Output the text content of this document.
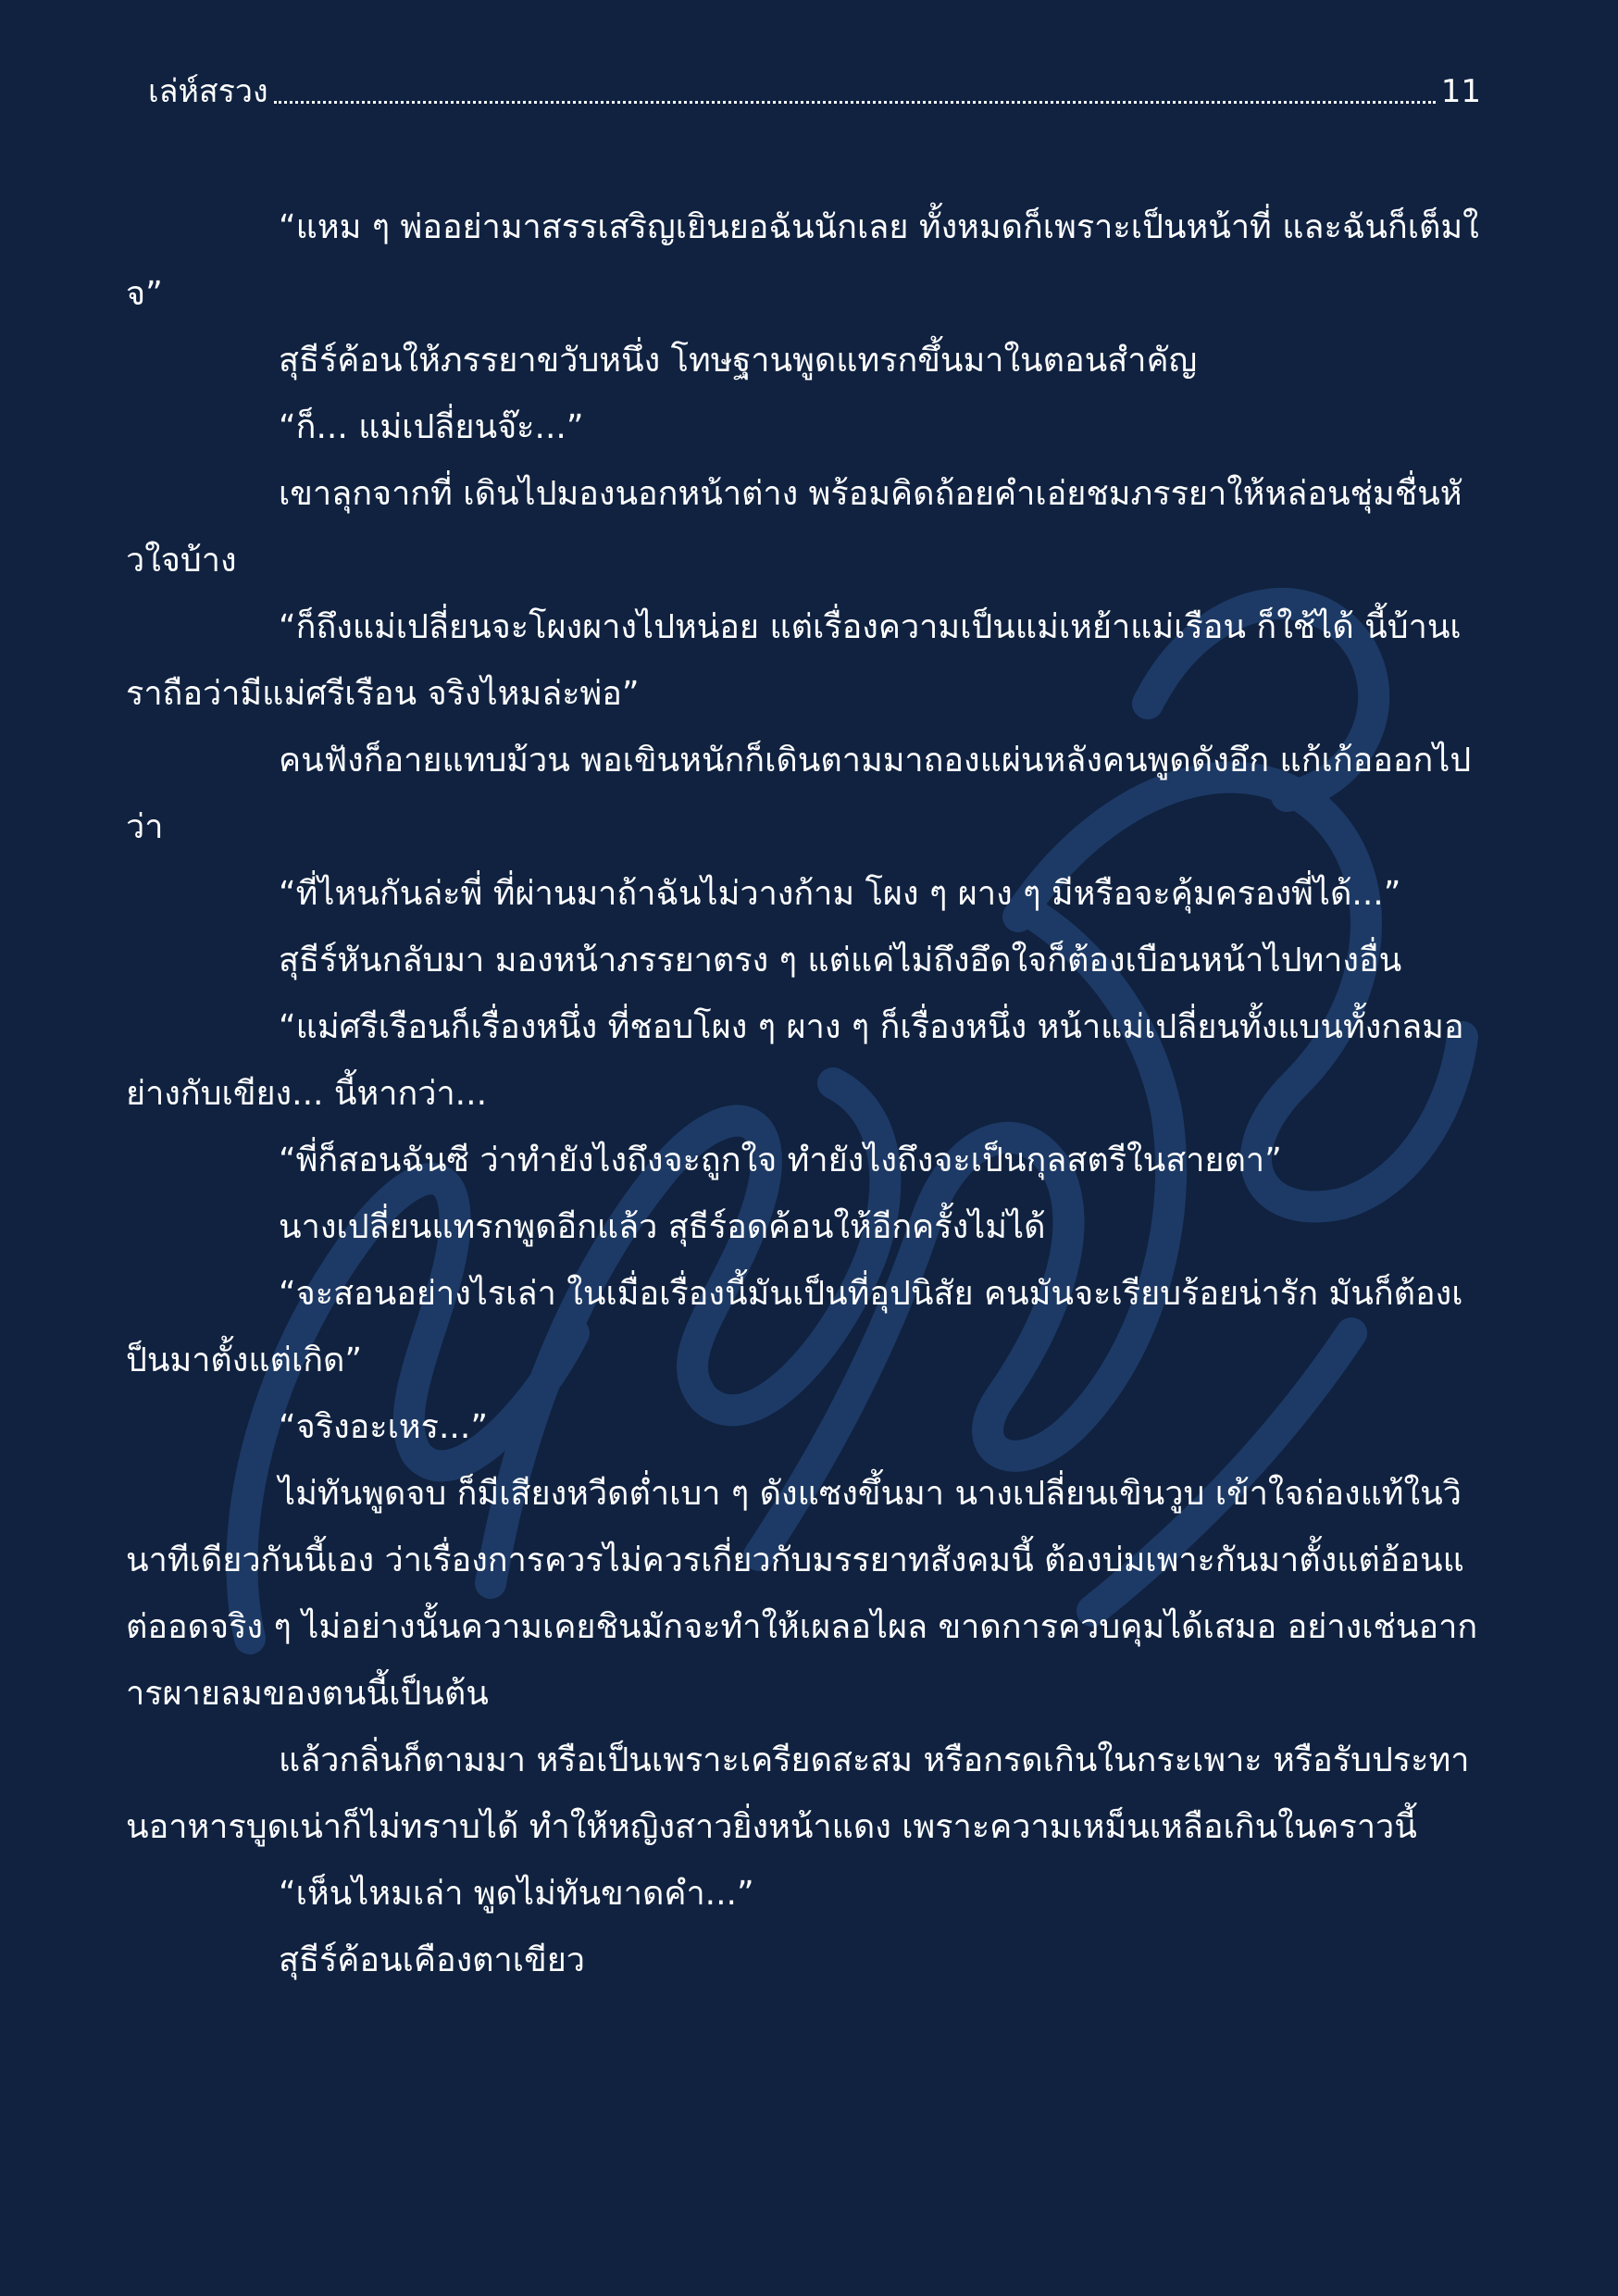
เล่ห์สรวง	11

“แหม ๆ พ่ออย่ามาสรรเสริญเยินยอฉันนักเลย ทั้งหมดก็เพราะเป็นหน้าที่ และฉันก็เต็มใจ”

สุธีร์ค้อนให้ภรรยาขวับหนึ่ง โทษฐานพูดแทรกขึ้นมาในตอนสำคัญ

“ก็... แม่เปลี่ยนจ๊ะ...”

เขาลุกจากที่ เดินไปมองนอกหน้าต่าง พร้อมคิดถ้อยคำเอ่ยชมภรรยาให้หล่อนชุ่มชื่นหัวใจบ้าง

“ก็ถึงแม่เปลี่ยนจะโผงผางไปหน่อย แต่เรื่องความเป็นแม่เหย้าแม่เรือน ก็ใช้ได้ นี้บ้านเราถือว่ามีแม่ศรีเรือน จริงไหมล่ะพ่อ”

คนฟังก็อายแทบม้วน พอเขินหนักก็เดินตามมาถองแผ่นหลังคนพูดดังอึก แก้เก้อออกไปว่า

“ที่ไหนกันล่ะพี่ ที่ผ่านมาถ้าฉันไม่วางก้าม โผง ๆ ผาง ๆ มีหรือจะคุ้มครองพี่ได้...”

สุธีร์หันกลับมา มองหน้าภรรยาตรง ๆ แต่แค่ไม่ถึงอึดใจก็ต้องเบือนหน้าไปทางอื่น

“แม่ศรีเรือนก็เรื่องหนึ่ง ที่ชอบโผง ๆ ผาง ๆ ก็เรื่องหนึ่ง หน้าแม่เปลี่ยนทั้งแบนทั้งกลมอย่างกับเขียง... นี้หากว่า...

“พี่ก็สอนฉันซี ว่าทำยังไงถึงจะถูกใจ ทำยังไงถึงจะเป็นกุลสตรีในสายตา”

นางเปลี่ยนแทรกพูดอีกแล้ว สุธีร์อดค้อนให้อีกครั้งไม่ได้

“จะสอนอย่างไรเล่า ในเมื่อเรื่องนี้มันเป็นที่อุปนิสัย คนมันจะเรียบร้อยน่ารัก มันก็ต้องเป็นมาตั้งแต่เกิด”

“จริงอะเหร...”

ไม่ทันพูดจบ ก็มีเสียงหวีดต่ำเบา ๆ ดังแซงขึ้นมา นางเปลี่ยนเขินวูบ เข้าใจถ่องแท้ในวินาทีเดียวกันนี้เอง ว่าเรื่องการควรไม่ควรเกี่ยวกับมรรยาทสังคมนี้ ต้องบ่มเพาะกันมาตั้งแต่อ้อนแต่ออดจริง ๆ ไม่อย่างนั้นความเคยชินมักจะทำให้เผลอไผล ขาดการควบคุมได้เสมอ อย่างเช่นอาการผายลมของตนนี้เป็นต้น

แล้วกลิ่นก็ตามมา หรือเป็นเพราะเครียดสะสม หรือกรดเกินในกระเพาะ หรือรับประทานอาหารบูดเน่าก็ไม่ทราบได้ ทำให้หญิงสาวยิ่งหน้าแดง เพราะความเหม็นเหลือเกินในคราวนี้

“เห็นไหมเล่า พูดไม่ทันขาดคำ...”

สุธีร์ค้อนเคืองตาเขียว
